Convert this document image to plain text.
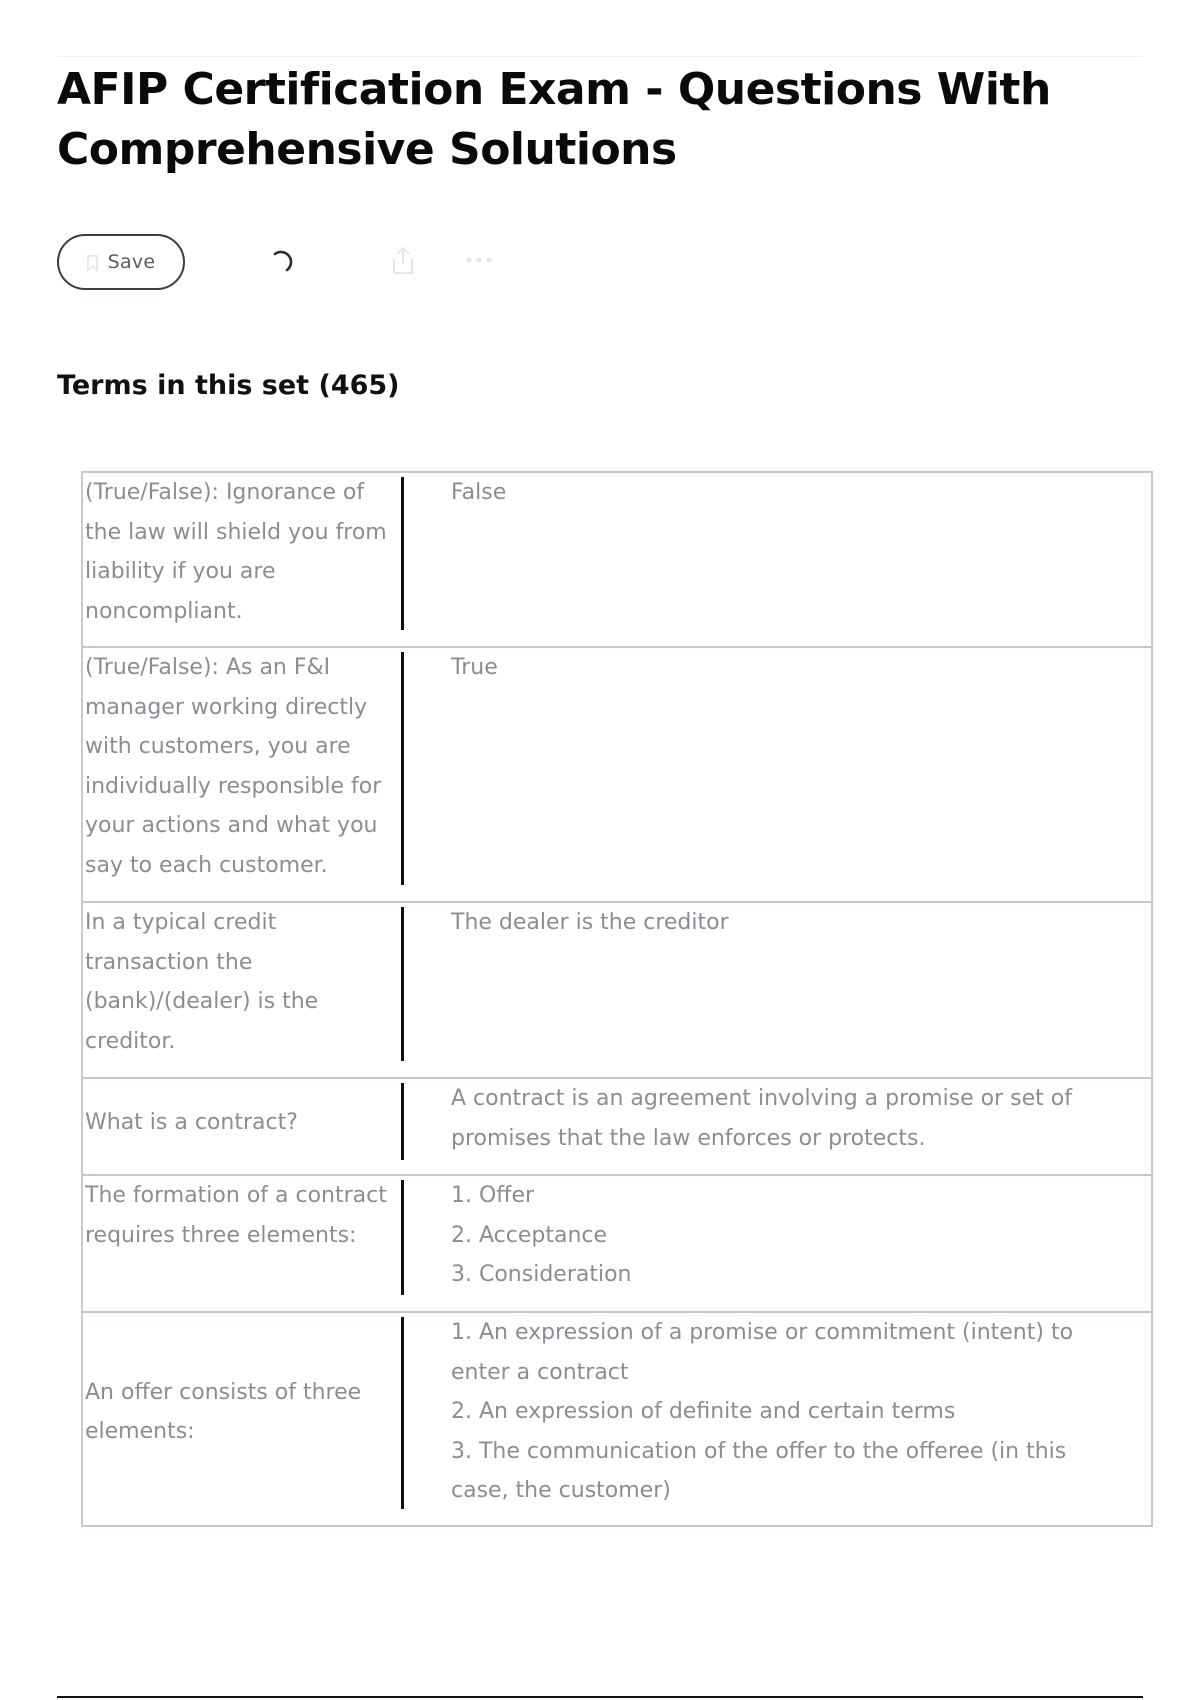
AFIP Certification Exam - Questions With Comprehensive Solutions
Save
Terms in this set (465)
(True/False): Ignorance of the law will shield you from liability if you are noncompliant.
False
(True/False): As an F&I manager working directly with customers, you are individually responsible for your actions and what you say to each customer.
True
In a typical credit transaction the (bank)/(dealer) is the creditor.
The dealer is the creditor
What is a contract?
A contract is an agreement involving a promise or set of promises that the law enforces or protects.
The formation of a contract requires three elements:
1. Offer
2. Acceptance
3. Consideration
An offer consists of three elements:
1. An expression of a promise or commitment (intent) to enter a contract
2. An expression of definite and certain terms
3. The communication of the offer to the offeree (in this case, the customer)
